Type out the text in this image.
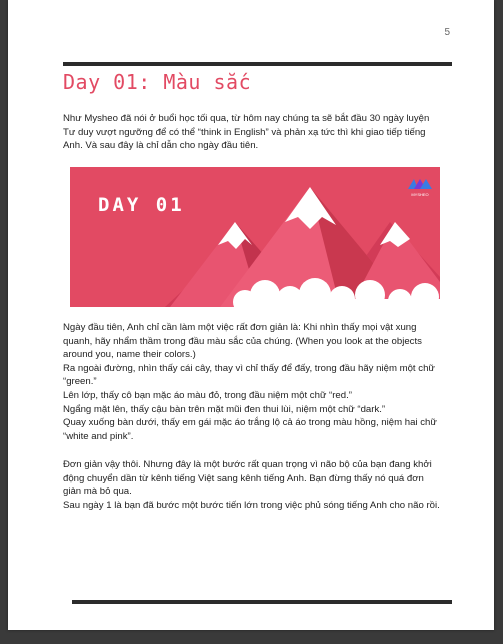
5
Day 01: Màu sắc

Như Mysheo đã nói ở buổi học tối qua, từ hôm nay chúng ta sẽ bắt đầu 30 ngày luyện Tư duy vượt ngưỡng để có thể “think in English” và phản xạ tức thì khi giao tiếp tiếng Anh. Và sau đây là chỉ dẫn cho ngày đầu tiên.

MYSHEO
DAY 01

Ngày đầu tiên, Anh chỉ cần làm một việc rất đơn giản là: Khi nhìn thấy mọi vật xung quanh, hãy nhẩm thầm trong đầu màu sắc của chúng. (When you look at the objects around you, name their colors.)

Ra ngoài đường, nhìn thấy cái cây, thay vì chỉ thấy để đấy, trong đầu hãy niệm một chữ “green.”

Lên lớp, thấy cô bạn mặc áo màu đỏ, trong đầu niệm một chữ “red.”

Ngẩng mặt lên, thấy cậu bàn trên mặt mũi đen thui lùi, niệm một chữ “dark.”

Quay xuống bàn dưới, thấy em gái mặc áo trắng lộ cả áo trong màu hồng, niệm hai chữ “white and pink”.

Đơn giản vậy thôi. Nhưng đây là một bước rất quan trọng vì não bộ của bạn đang khởi động chuyển dần từ kênh tiếng Việt sang kênh tiếng Anh. Bạn đừng thấy nó quá đơn giản mà bỏ qua.

Sau ngày 1 là bạn đã bước một bước tiến lớn trong việc phủ sóng tiếng Anh cho não rồi.
